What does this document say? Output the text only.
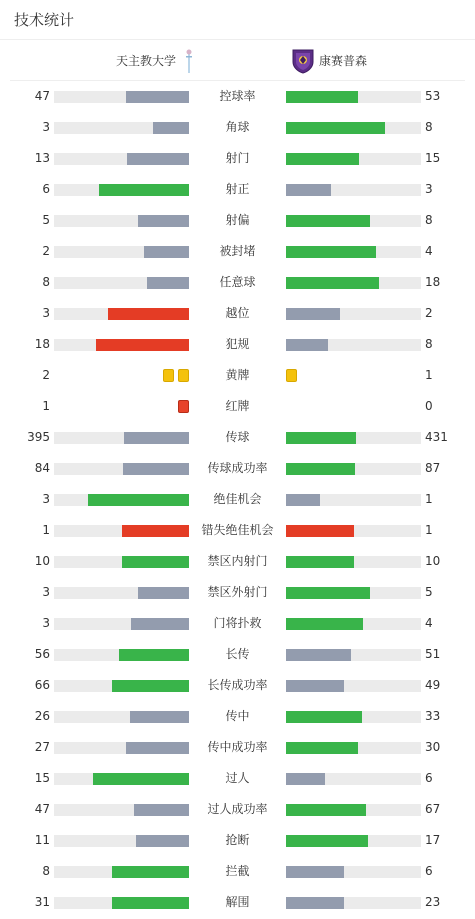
技术统计
天主教大学	康赛普森
47	控球率	53
3	角球	8
13	射门	15
6	射正	3
5	射偏	8
2	被封堵	4
8	任意球	18
3	越位	2
18	犯规	8
2	黄牌	1
1	红牌	0
395	传球	431
84	传球成功率	87
3	绝佳机会	1
1	错失绝佳机会	1
10	禁区内射门	10
3	禁区外射门	5
3	门将扑救	4
56	长传	51
66	长传成功率	49
26	传中	33
27	传中成功率	30
15	过人	6
47	过人成功率	67
11	抢断	17
8	拦截	6
31	解围	23
